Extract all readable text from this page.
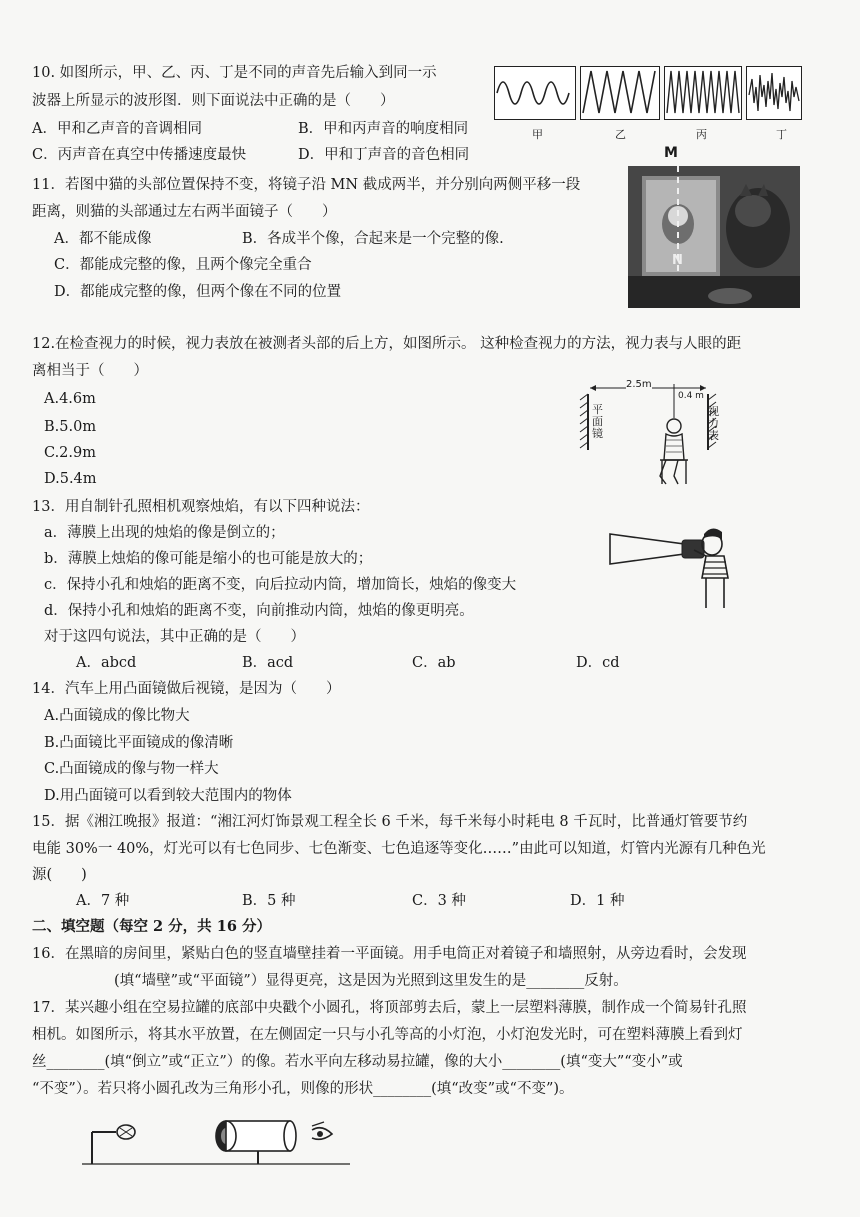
10. 如图所示，甲、乙、丙、丁是不同的声音先后输入到同一示
波器上所显示的波形图．则下面说法中正确的是（　　）
A．甲和乙声音的音调相同	B．甲和丙声音的响度相同
C．丙声音在真空中传播速度最快	D．甲和丁声音的音色相同
甲	乙	丙	丁
11．若图中猫的头部位置保持不变，将镜子沿 MN 截成两半，并分别向两侧平移一段
距离，则猫的头部通过左右两半面镜子（　　）
A．都不能成像	B．各成半个像，合起来是一个完整的像.
C．都能成完整的像，且两个像完全重合
D．都能成完整的像，但两个像在不同的位置
M
N
12.在检查视力的时候，视力表放在被测者头部的后上方，如图所示。 这种检查视力的方法，视力表与人眼的距
离相当于（　　）
A.4.6m
B.5.0m
C.2.9m
D.5.4m
2.5m
0.4 m
平面镜
视力表
13．用自制针孔照相机观察烛焰，有以下四种说法：
a．薄膜上出现的烛焰的像是倒立的；
b．薄膜上烛焰的像可能是缩小的也可能是放大的；
c．保持小孔和烛焰的距离不变，向后拉动内筒，增加筒长，烛焰的像变大
d．保持小孔和烛焰的距离不变，向前推动内筒，烛焰的像更明亮。
对于这四句说法，其中正确的是（　　）
A．abcd	B．acd	C．ab	D．cd
14．汽车上用凸面镜做后视镜，是因为（　　）
A.凸面镜成的像比物大
B.凸面镜比平面镜成的像清晰
C.凸面镜成的像与物一样大
D.用凸面镜可以看到较大范围内的物体
15．据《湘江晚报》报道：“湘江河灯饰景观工程全长 6 千米，每千米每小时耗电 8 千瓦时，比普通灯管要节约
电能 30%一 40%，灯光可以有七色同步、七色渐变、七色追逐等变化……”由此可以知道，灯管内光源有几种色光
源(　　)
A．7 种	B．5 种	C．3 种	D．1 种
二、填空题（每空 2 分，共 16 分）
16．在黑暗的房间里，紧贴白色的竖直墙壁挂着一平面镜。用手电筒正对着镜子和墙照射，从旁边看时，会发现
(填“墙壁”或“平面镜”）显得更亮，这是因为光照到这里发生的是________反射。
17．某兴趣小组在空易拉罐的底部中央戳个小圆孔，将顶部剪去后，蒙上一层塑料薄膜，制作成一个简易针孔照
相机。如图所示，将其水平放置，在左侧固定一只与小孔等高的小灯泡，小灯泡发光时，可在塑料薄膜上看到灯
丝________(填“倒立”或“正立”）的像。若水平向左移动易拉罐，像的大小________(填“变大”“变小”或
“不变”）。若只将小圆孔改为三角形小孔，则像的形状________(填“改变”或“不变”)。
